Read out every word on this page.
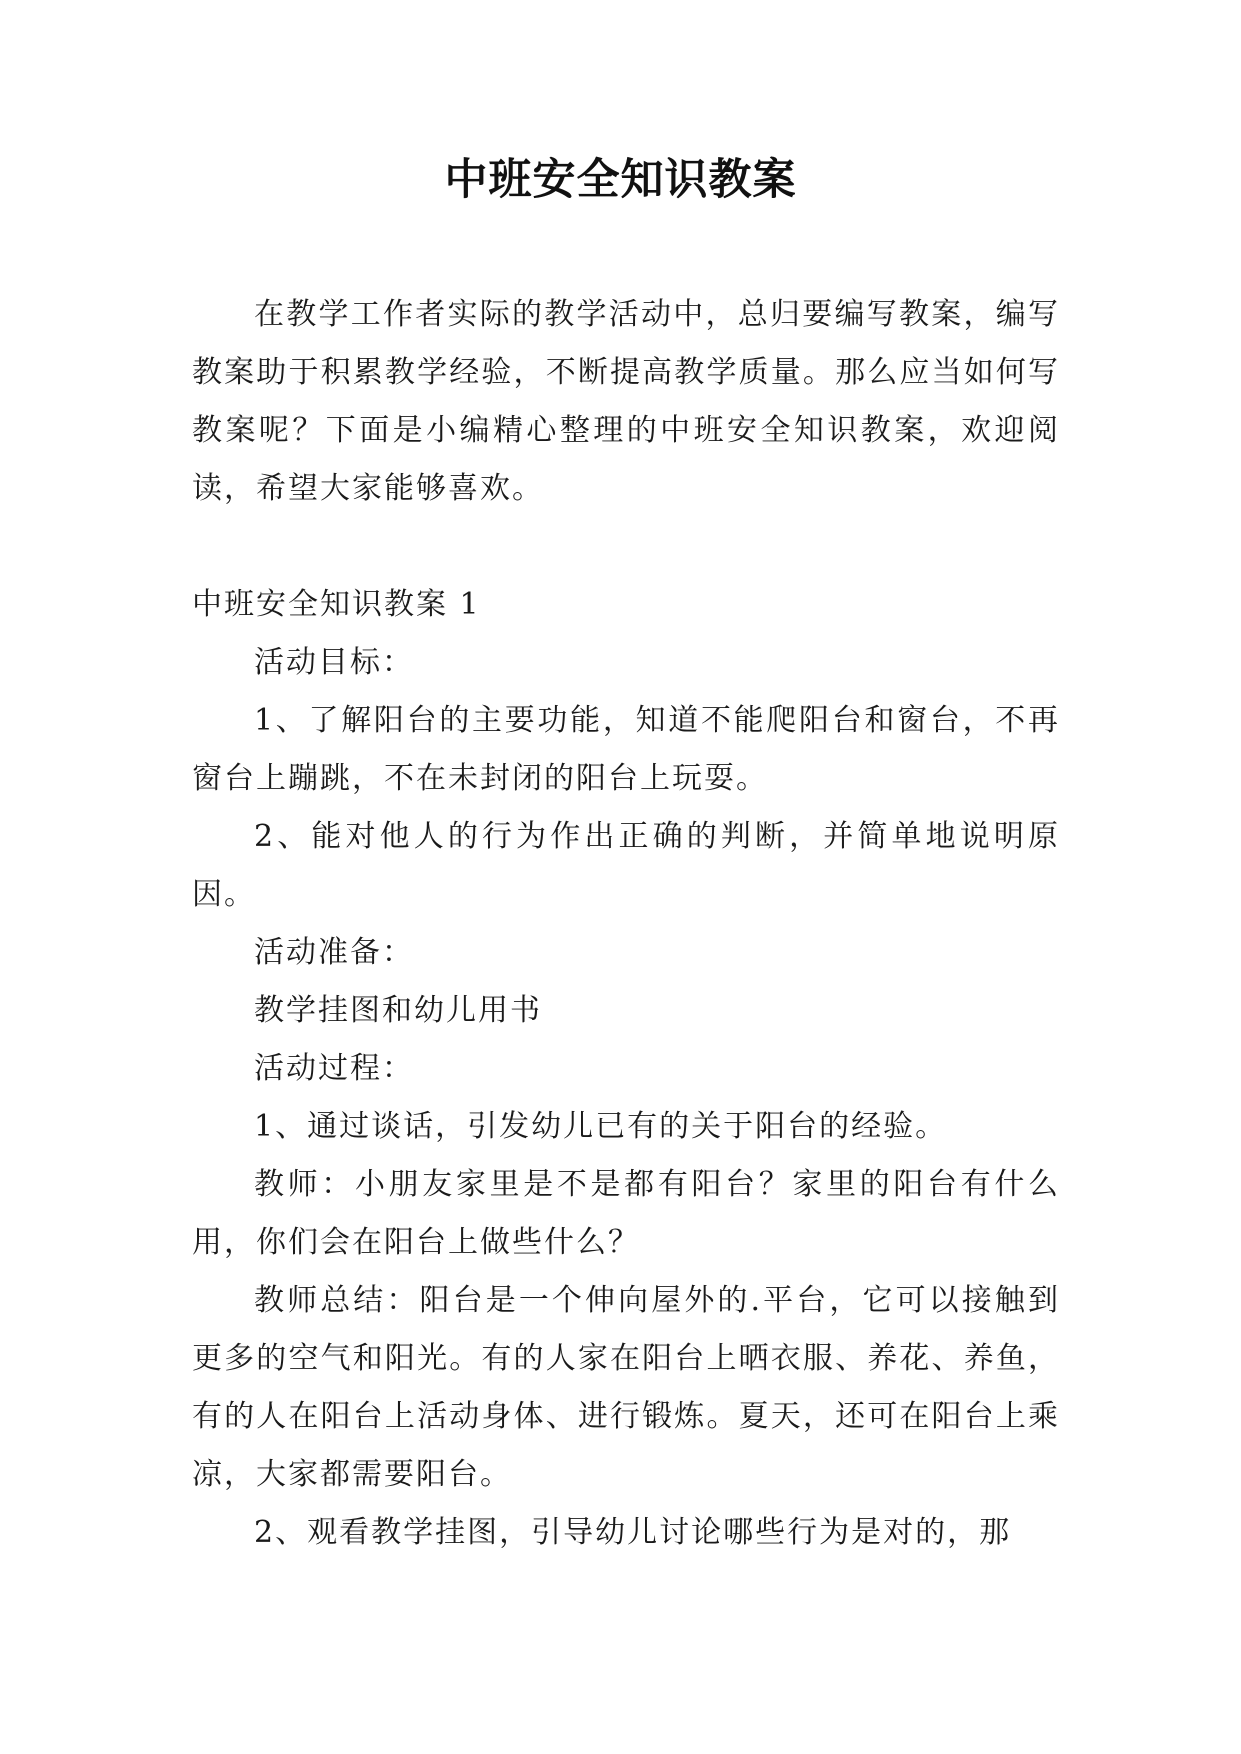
中班安全知识教案

在教学工作者实际的教学活动中，总归要编写教案，编写教案助于积累教学经验，不断提高教学质量。那么应当如何写教案呢？下面是小编精心整理的中班安全知识教案，欢迎阅读，希望大家能够喜欢。

中班安全知识教案 1

活动目标：

1、了解阳台的主要功能，知道不能爬阳台和窗台，不再窗台上蹦跳，不在未封闭的阳台上玩耍。

2、能对他人的行为作出正确的判断，并简单地说明原因。

活动准备：

教学挂图和幼儿用书

活动过程：

1、通过谈话，引发幼儿已有的关于阳台的经验。

教师：小朋友家里是不是都有阳台？家里的阳台有什么用，你们会在阳台上做些什么？

教师总结：阳台是一个伸向屋外的.平台，它可以接触到更多的空气和阳光。有的人家在阳台上晒衣服、养花、养鱼，有的人在阳台上活动身体、进行锻炼。夏天，还可在阳台上乘凉，大家都需要阳台。

2、观看教学挂图，引导幼儿讨论哪些行为是对的，那
